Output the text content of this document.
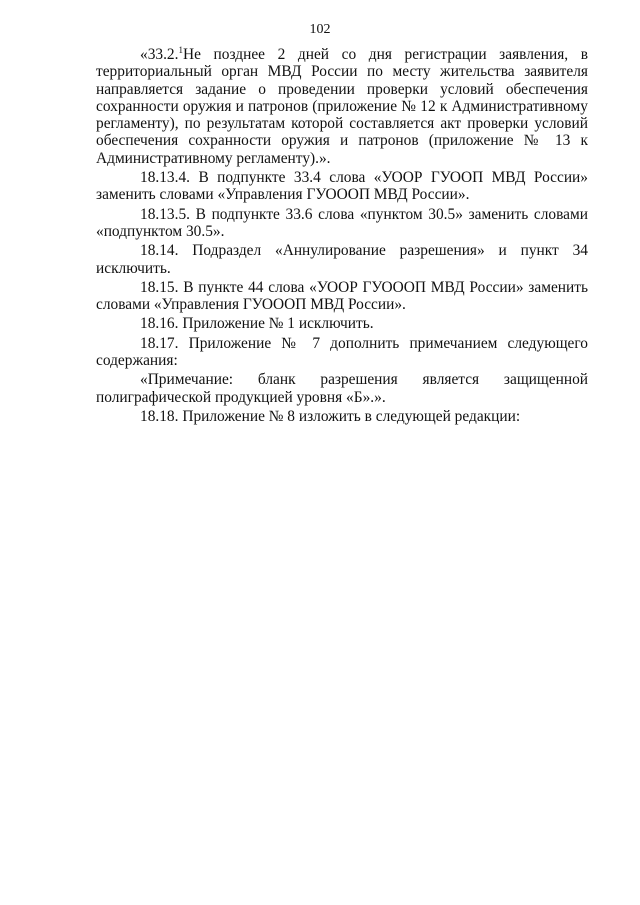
102

«33.2.$^1$Не позднее 2 дней со дня регистрации заявления, в территориальный орган МВД России по месту жительства заявителя направляется задание о проведении проверки условий обеспечения сохранности оружия и патронов (приложение № 12 к Административному регламенту), по результатам которой составляется акт проверки условий обеспечения сохранности оружия и патронов (приложение № 13 к Административному регламенту).».

18.13.4. В подпункте 33.4 слова «УООР ГУООП МВД России» заменить словами «Управления ГУОООП МВД России».

18.13.5. В подпункте 33.6 слова «пунктом 30.5» заменить словами «подпунктом 30.5».

18.14. Подраздел «Аннулирование разрешения» и пункт 34 исключить.

18.15. В пункте 44 слова «УООР ГУОООП МВД России» заменить словами «Управления ГУОООП МВД России».

18.16. Приложение № 1 исключить.

18.17. Приложение № 7 дополнить примечанием следующего содержания:

«Примечание: бланк разрешения является защищенной полиграфической продукцией уровня «Б».».

18.18. Приложение № 8 изложить в следующей редакции:
